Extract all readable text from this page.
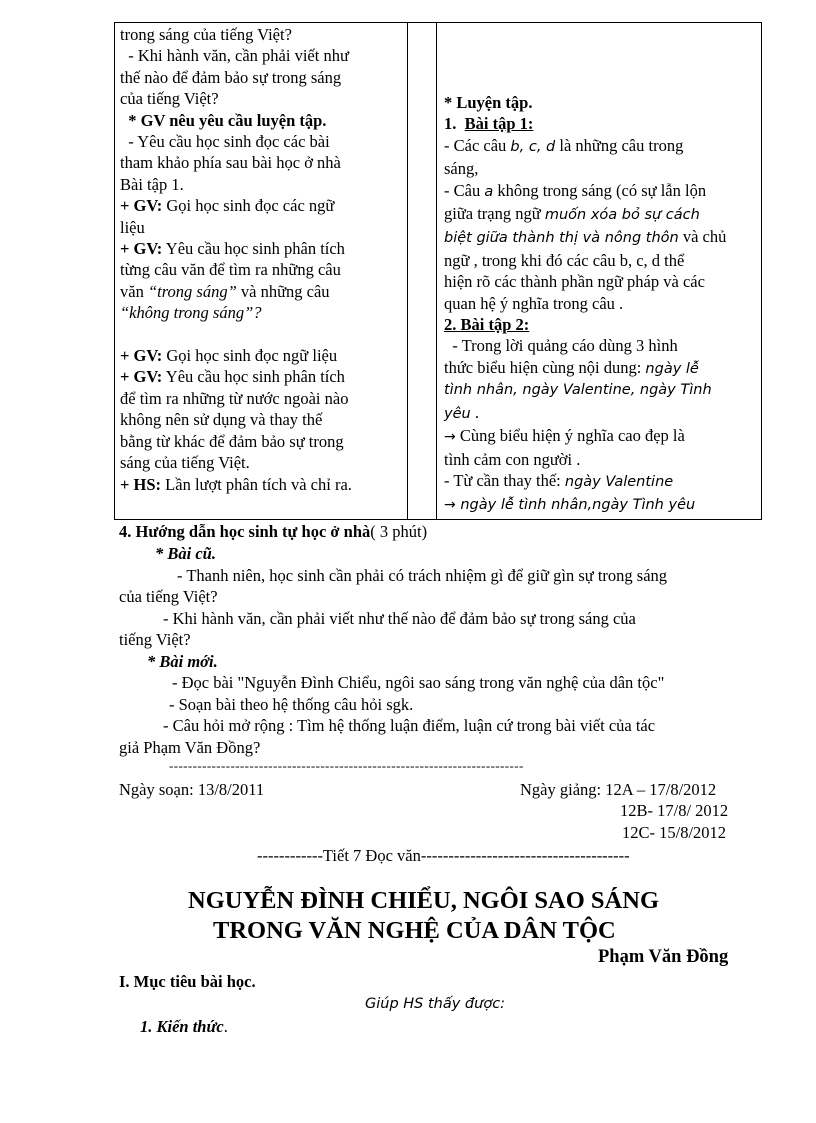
trong sáng của tiếng Việt?

- Khi hành văn, cần phải viết như

thế nào để đảm bảo sự trong sáng

của tiếng Việt?

* GV nêu yêu cầu luyện tập.

- Yêu cầu học sinh đọc các bài

tham khảo phía sau bài học ở nhà

Bài tập 1.

+ GV: Gọi học sinh đọc các ngữ

liệu

+ GV: Yêu cầu học sinh phân tích

từng câu văn để tìm ra những câu

văn “trong sáng” và những câu

“không trong sáng”?

+ GV: Gọi học sinh đọc ngữ liệu

+ GV: Yêu cầu học sinh phân tích

để tìm ra những từ nước ngoài nào

không nên sử dụng và thay thế

bằng từ khác để đảm bảo sự trong

sáng của tiếng Việt.

+ HS: Lần lượt phân tích và chỉ ra.

* Luyện tập.

1. Bài tập 1:

- Các câu b, c, d là những câu trong

sáng,

- Câu a không trong sáng (có sự lẫn lộn

giữa trạng ngữ muốn xóa bỏ sự cách

biệt giữa thành thị và nông thôn và chủ

ngữ , trong khi đó các câu b, c, d thể

hiện rõ các thành phần ngữ pháp và các

quan hệ ý nghĩa trong câu .

2. Bài tập 2:

- Trong lời quảng cáo dùng 3 hình

thức biểu hiện cùng nội dung: ngày lễ

tình nhân, ngày Valentine, ngày Tình

yêu .

→ Cùng biểu hiện ý nghĩa cao đẹp là

tình cảm con người .

- Từ cần thay thế: ngày Valentine

→ ngày lễ tình nhân,ngày Tình yêu

4. Hướng dẫn học sinh tự học ở nhà( 3 phút)
* Bài cũ.
- Thanh niên, học sinh cần phải có trách nhiệm gì để giữ gìn sự trong sáng
của tiếng Việt?
- Khi hành văn, cần phải viết như thế nào để đảm bảo sự trong sáng của
tiếng Việt?
* Bài mới.
- Đọc bài "Nguyễn Đình Chiểu, ngôi sao sáng trong văn nghệ của dân tộc"
- Soạn bài theo hệ thống câu hỏi sgk.
- Câu hỏi mở rộng : Tìm hệ thống luận điểm, luận cứ trong bài viết của tác
giả Phạm Văn Đồng?
---------------------------------------------------------------------------
Ngày soạn: 13/8/2011	Ngày giảng: 12A – 17/8/2012
12B- 17/8/ 2012
12C- 15/8/2012
------------Tiết 7 Đọc văn--------------------------------------
NGUYỄN ĐÌNH CHIỂU, NGÔI SAO SÁNG
TRONG VĂN NGHỆ CỦA DÂN TỘC
Phạm Văn Đồng
I. Mục tiêu bài học.
Giúp HS thấy được:
1. Kiến thức.
